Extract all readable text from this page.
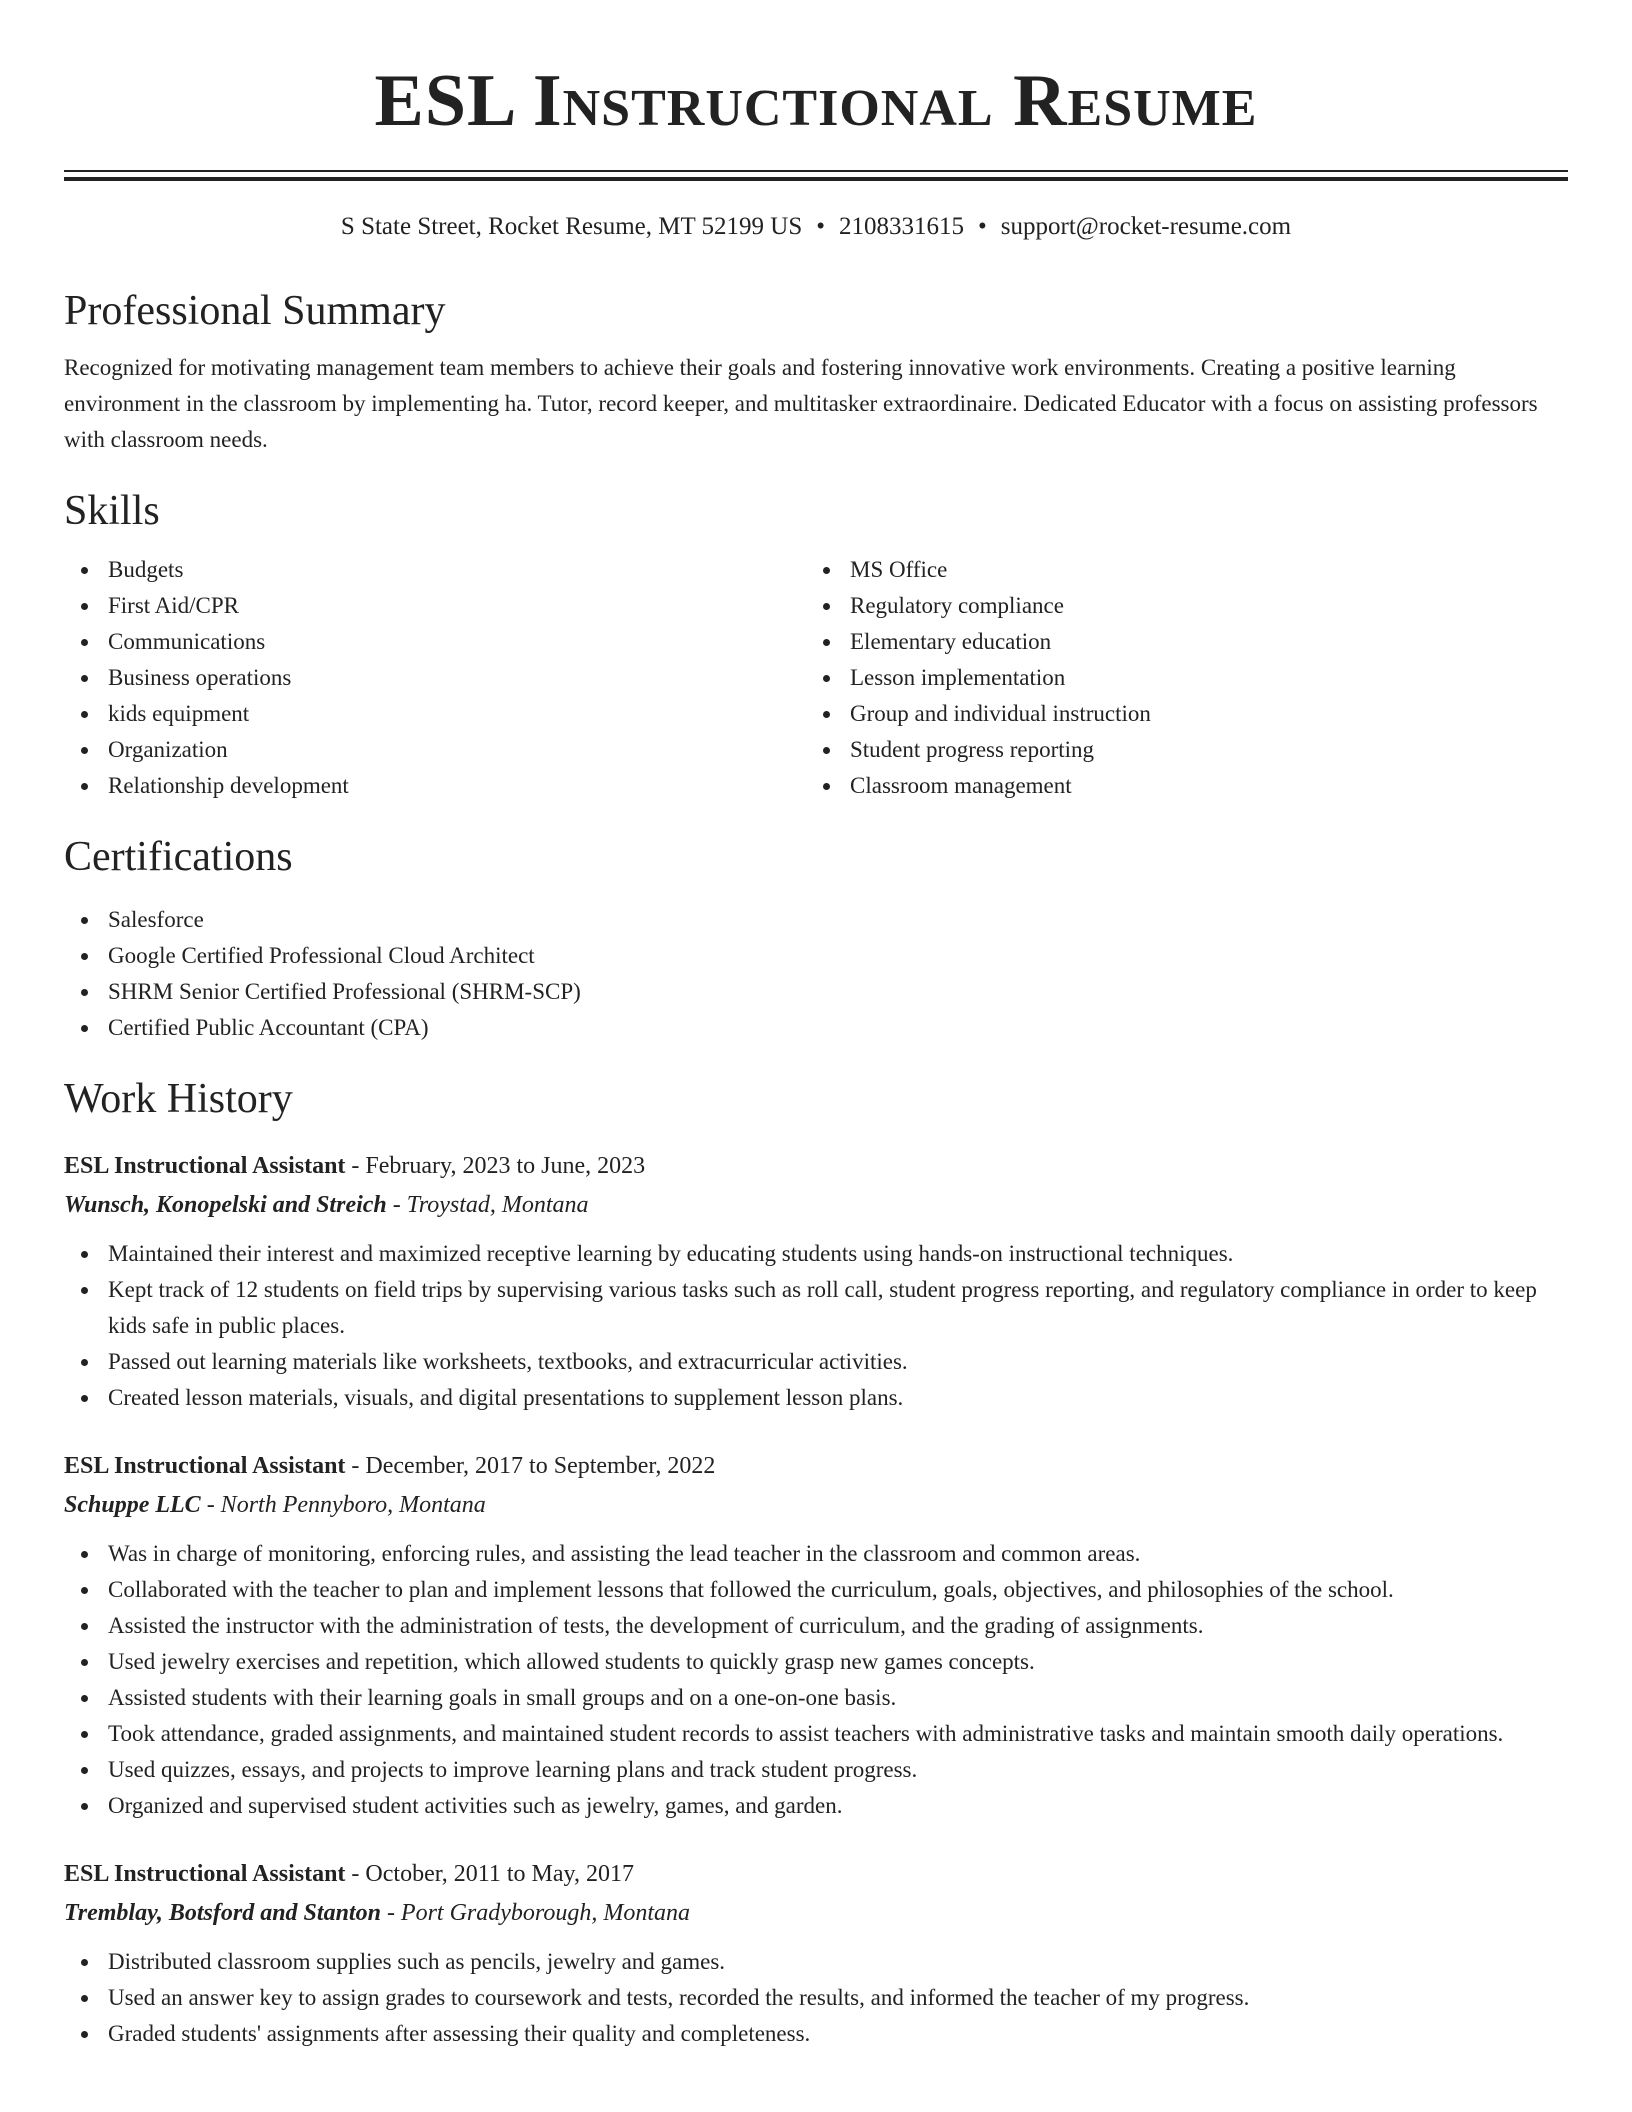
ESL Instructional Resume
S State Street, Rocket Resume, MT 52199 US • 2108331615 • support@rocket-resume.com
Professional Summary

Recognized for motivating management team members to achieve their goals and fostering innovative work environments. Creating a positive learning environment in the classroom by implementing ha. Tutor, record keeper, and multitasker extraordinaire. Dedicated Educator with a focus on assisting professors with classroom needs.

Skills
Budgets
First Aid/CPR
Communications
Business operations
kids equipment
Organization
Relationship development
MS Office
Regulatory compliance
Elementary education
Lesson implementation
Group and individual instruction
Student progress reporting
Classroom management
Certifications
Salesforce
Google Certified Professional Cloud Architect
SHRM Senior Certified Professional (SHRM-SCP)
Certified Public Accountant (CPA)
Work History
ESL Instructional Assistant - February, 2023 to June, 2023
Wunsch, Konopelski and Streich - Troystad, Montana
Maintained their interest and maximized receptive learning by educating students using hands-on instructional techniques.
Kept track of 12 students on field trips by supervising various tasks such as roll call, student progress reporting, and regulatory compliance in order to keep kids safe in public places.
Passed out learning materials like worksheets, textbooks, and extracurricular activities.
Created lesson materials, visuals, and digital presentations to supplement lesson plans.
ESL Instructional Assistant - December, 2017 to September, 2022
Schuppe LLC - North Pennyboro, Montana
Was in charge of monitoring, enforcing rules, and assisting the lead teacher in the classroom and common areas.
Collaborated with the teacher to plan and implement lessons that followed the curriculum, goals, objectives, and philosophies of the school.
Assisted the instructor with the administration of tests, the development of curriculum, and the grading of assignments.
Used jewelry exercises and repetition, which allowed students to quickly grasp new games concepts.
Assisted students with their learning goals in small groups and on a one-on-one basis.
Took attendance, graded assignments, and maintained student records to assist teachers with administrative tasks and maintain smooth daily operations.
Used quizzes, essays, and projects to improve learning plans and track student progress.
Organized and supervised student activities such as jewelry, games, and garden.
ESL Instructional Assistant - October, 2011 to May, 2017
Tremblay, Botsford and Stanton - Port Gradyborough, Montana
Distributed classroom supplies such as pencils, jewelry and games.
Used an answer key to assign grades to coursework and tests, recorded the results, and informed the teacher of my progress.
Graded students' assignments after assessing their quality and completeness.
